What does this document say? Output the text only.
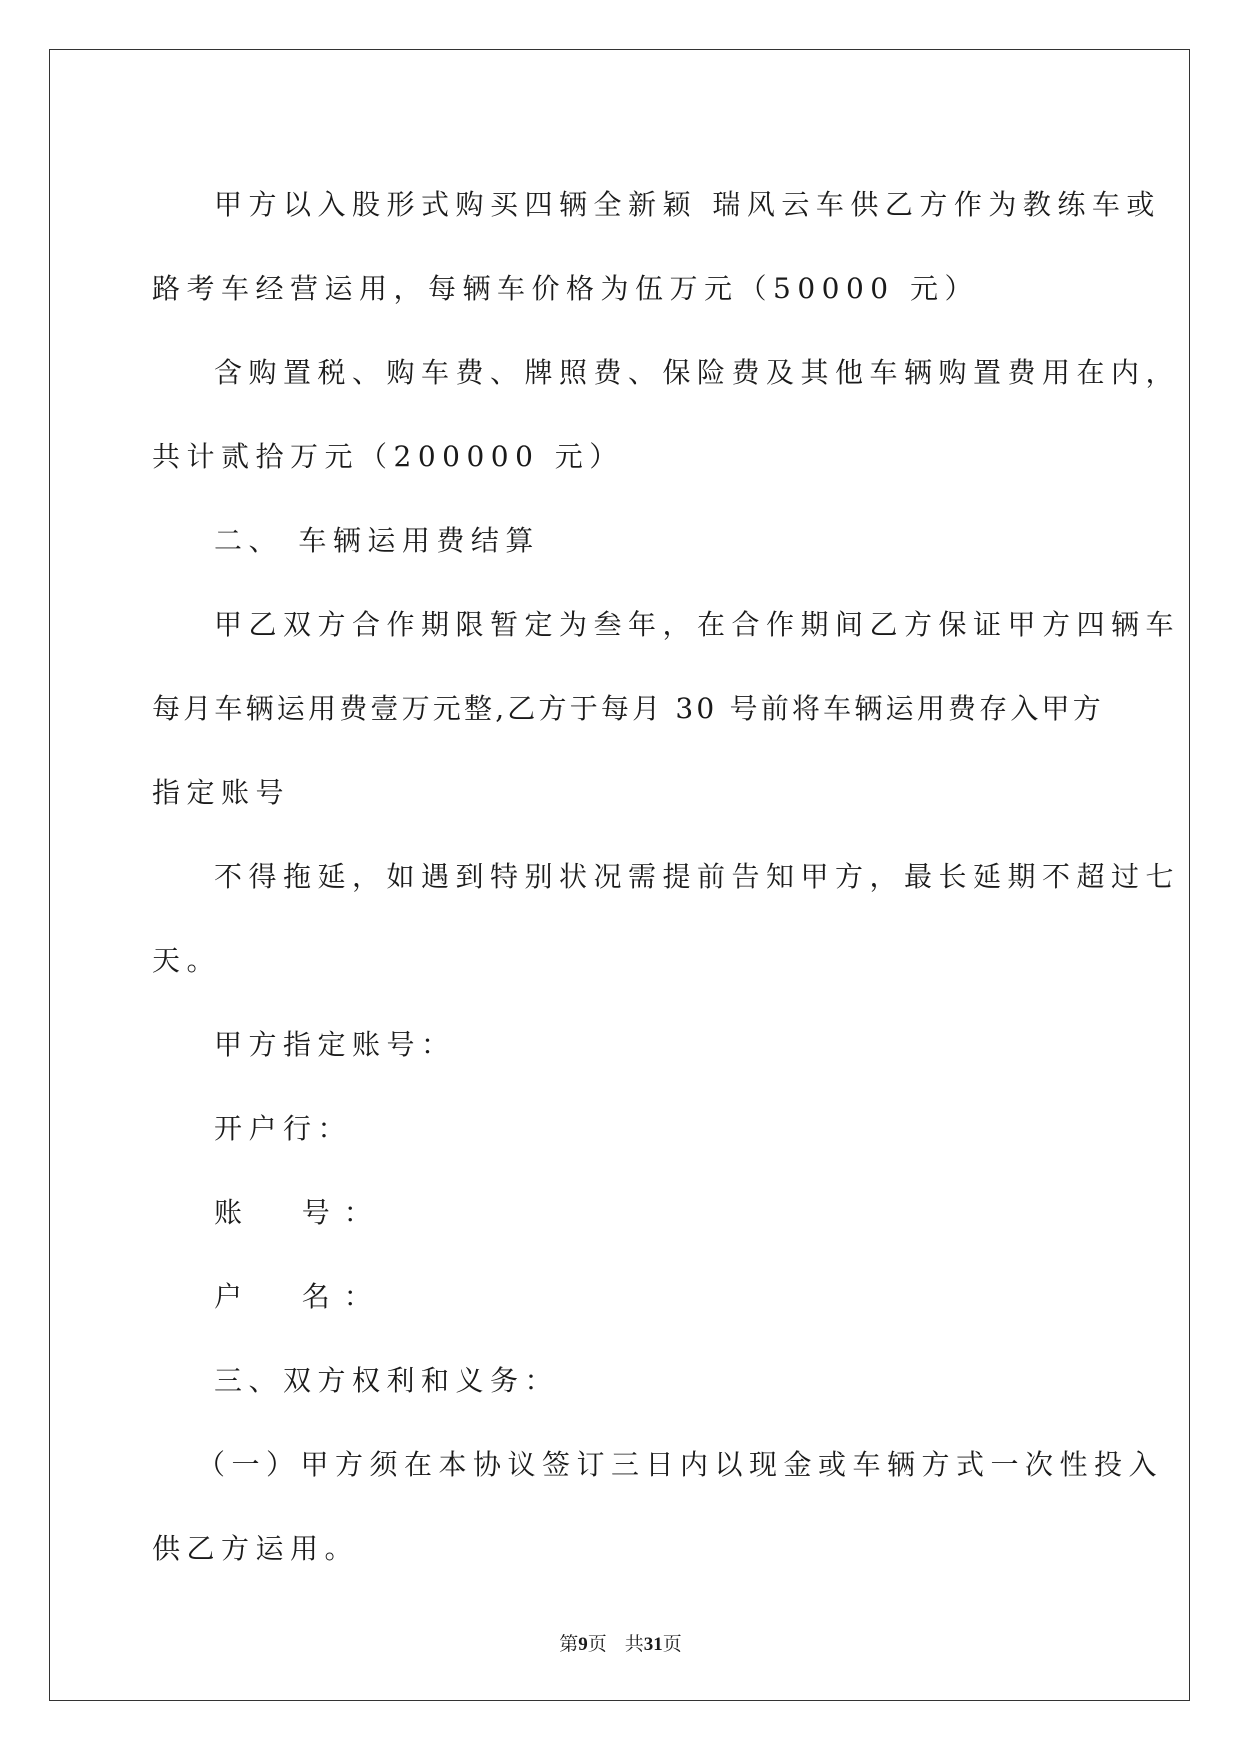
甲方以入股形式购买四辆全新颖 瑞风云车供乙方作为教练车或

路考车经营运用，每辆车价格为伍万元（50000 元）

含购置税、购车费、牌照费、保险费及其他车辆购置费用在内，

共计贰拾万元（200000 元）

二、 车辆运用费结算

甲乙双方合作期限暂定为叁年，在合作期间乙方保证甲方四辆车

每月车辆运用费壹万元整,乙方于每月 30 号前将车辆运用费存入甲方

指定账号

不得拖延，如遇到特别状况需提前告知甲方，最长延期不超过七

天。

甲方指定账号：

开户行：

账  号：

户  名：

三、双方权利和义务：

（一）甲方须在本协议签订三日内以现金或车辆方式一次性投入

供乙方运用。

第9页 共31页
